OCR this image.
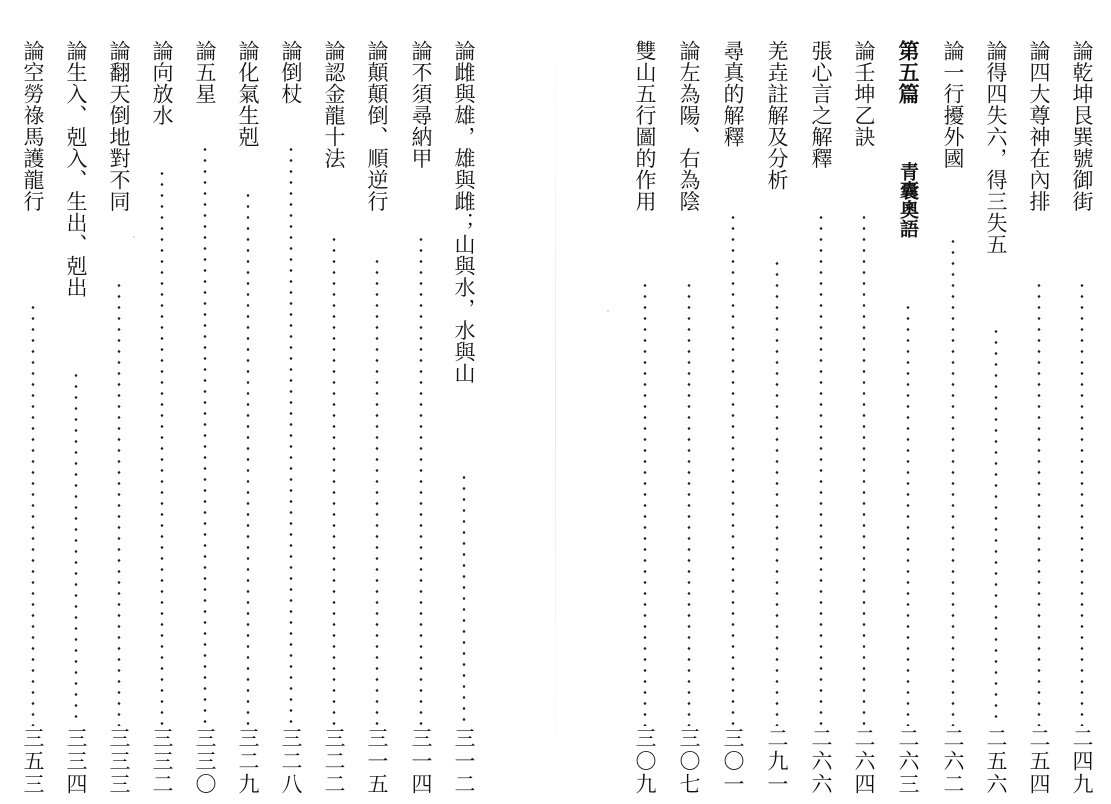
論雌與雄，雄與雌；山與水，水與山
三一二
論不須尋納甲
三一四
論顛顛倒、順逆行
三一五
論認金龍十法
三二二
論倒杖
三二八
論化氣生剋
三二九
論五星
三三〇
論向放水
三三二
論翻天倒地對不同
三三三
論生入、剋入、生出、剋出
三三四
論空勞祿馬護龍行
三五三
論乾坤艮巽號御街
二四九
論四大尊神在內排
二五四
論得四失六，得三失五
二五六
論一行擾外國
二六二
第五篇
青囊奧語
二六三
論壬坤乙訣
二六四
張心言之解釋
二六六
羌垚註解及分析
二九一
尋真的解釋
三〇一
論左為陽、右為陰
三〇七
雙山五行圖的作用
三〇九
